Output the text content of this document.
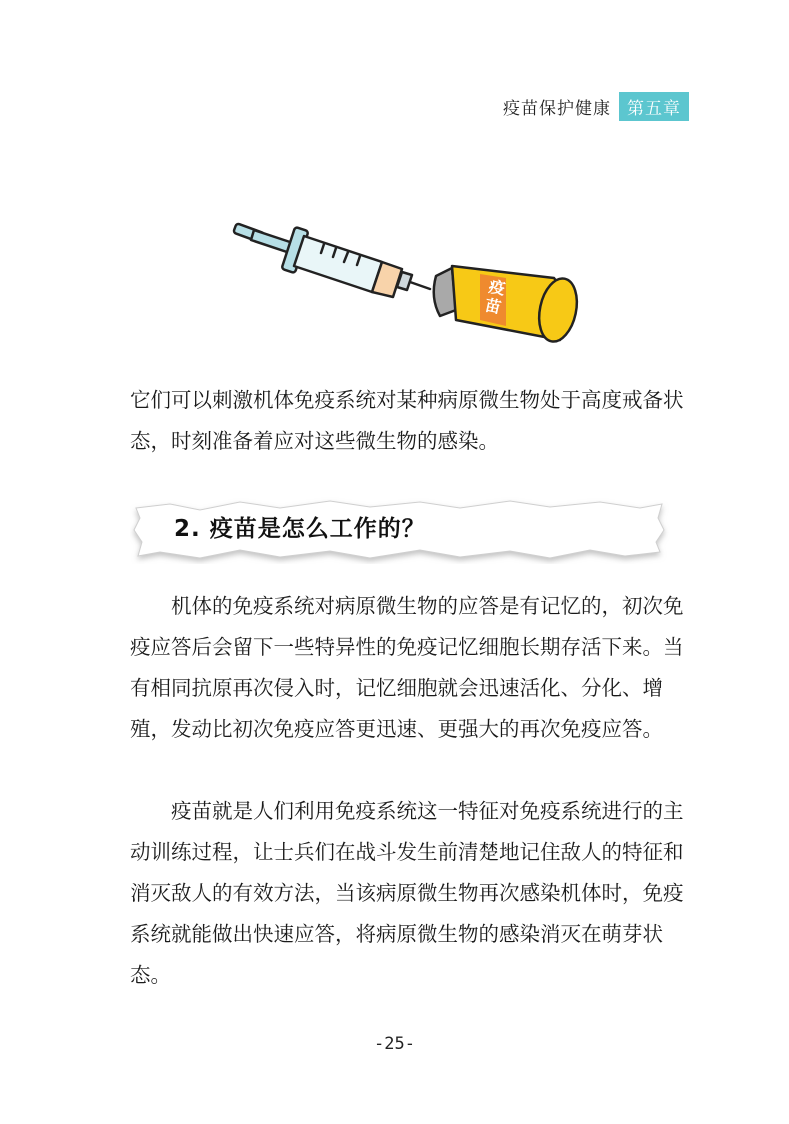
疫苗保护健康 第五章
疫苗

它们可以刺激机体免疫系统对某种病原微生物处于高度戒备状态，时刻准备着应对这些微生物的感染。

2. 疫苗是怎么工作的？

机体的免疫系统对病原微生物的应答是有记忆的，初次免疫应答后会留下一些特异性的免疫记忆细胞长期存活下来。当有相同抗原再次侵入时，记忆细胞就会迅速活化、分化、增殖，发动比初次免疫应答更迅速、更强大的再次免疫应答。

疫苗就是人们利用免疫系统这一特征对免疫系统进行的主动训练过程，让士兵们在战斗发生前清楚地记住敌人的特征和消灭敌人的有效方法，当该病原微生物再次感染机体时，免疫系统就能做出快速应答，将病原微生物的感染消灭在萌芽状态。

-25-
